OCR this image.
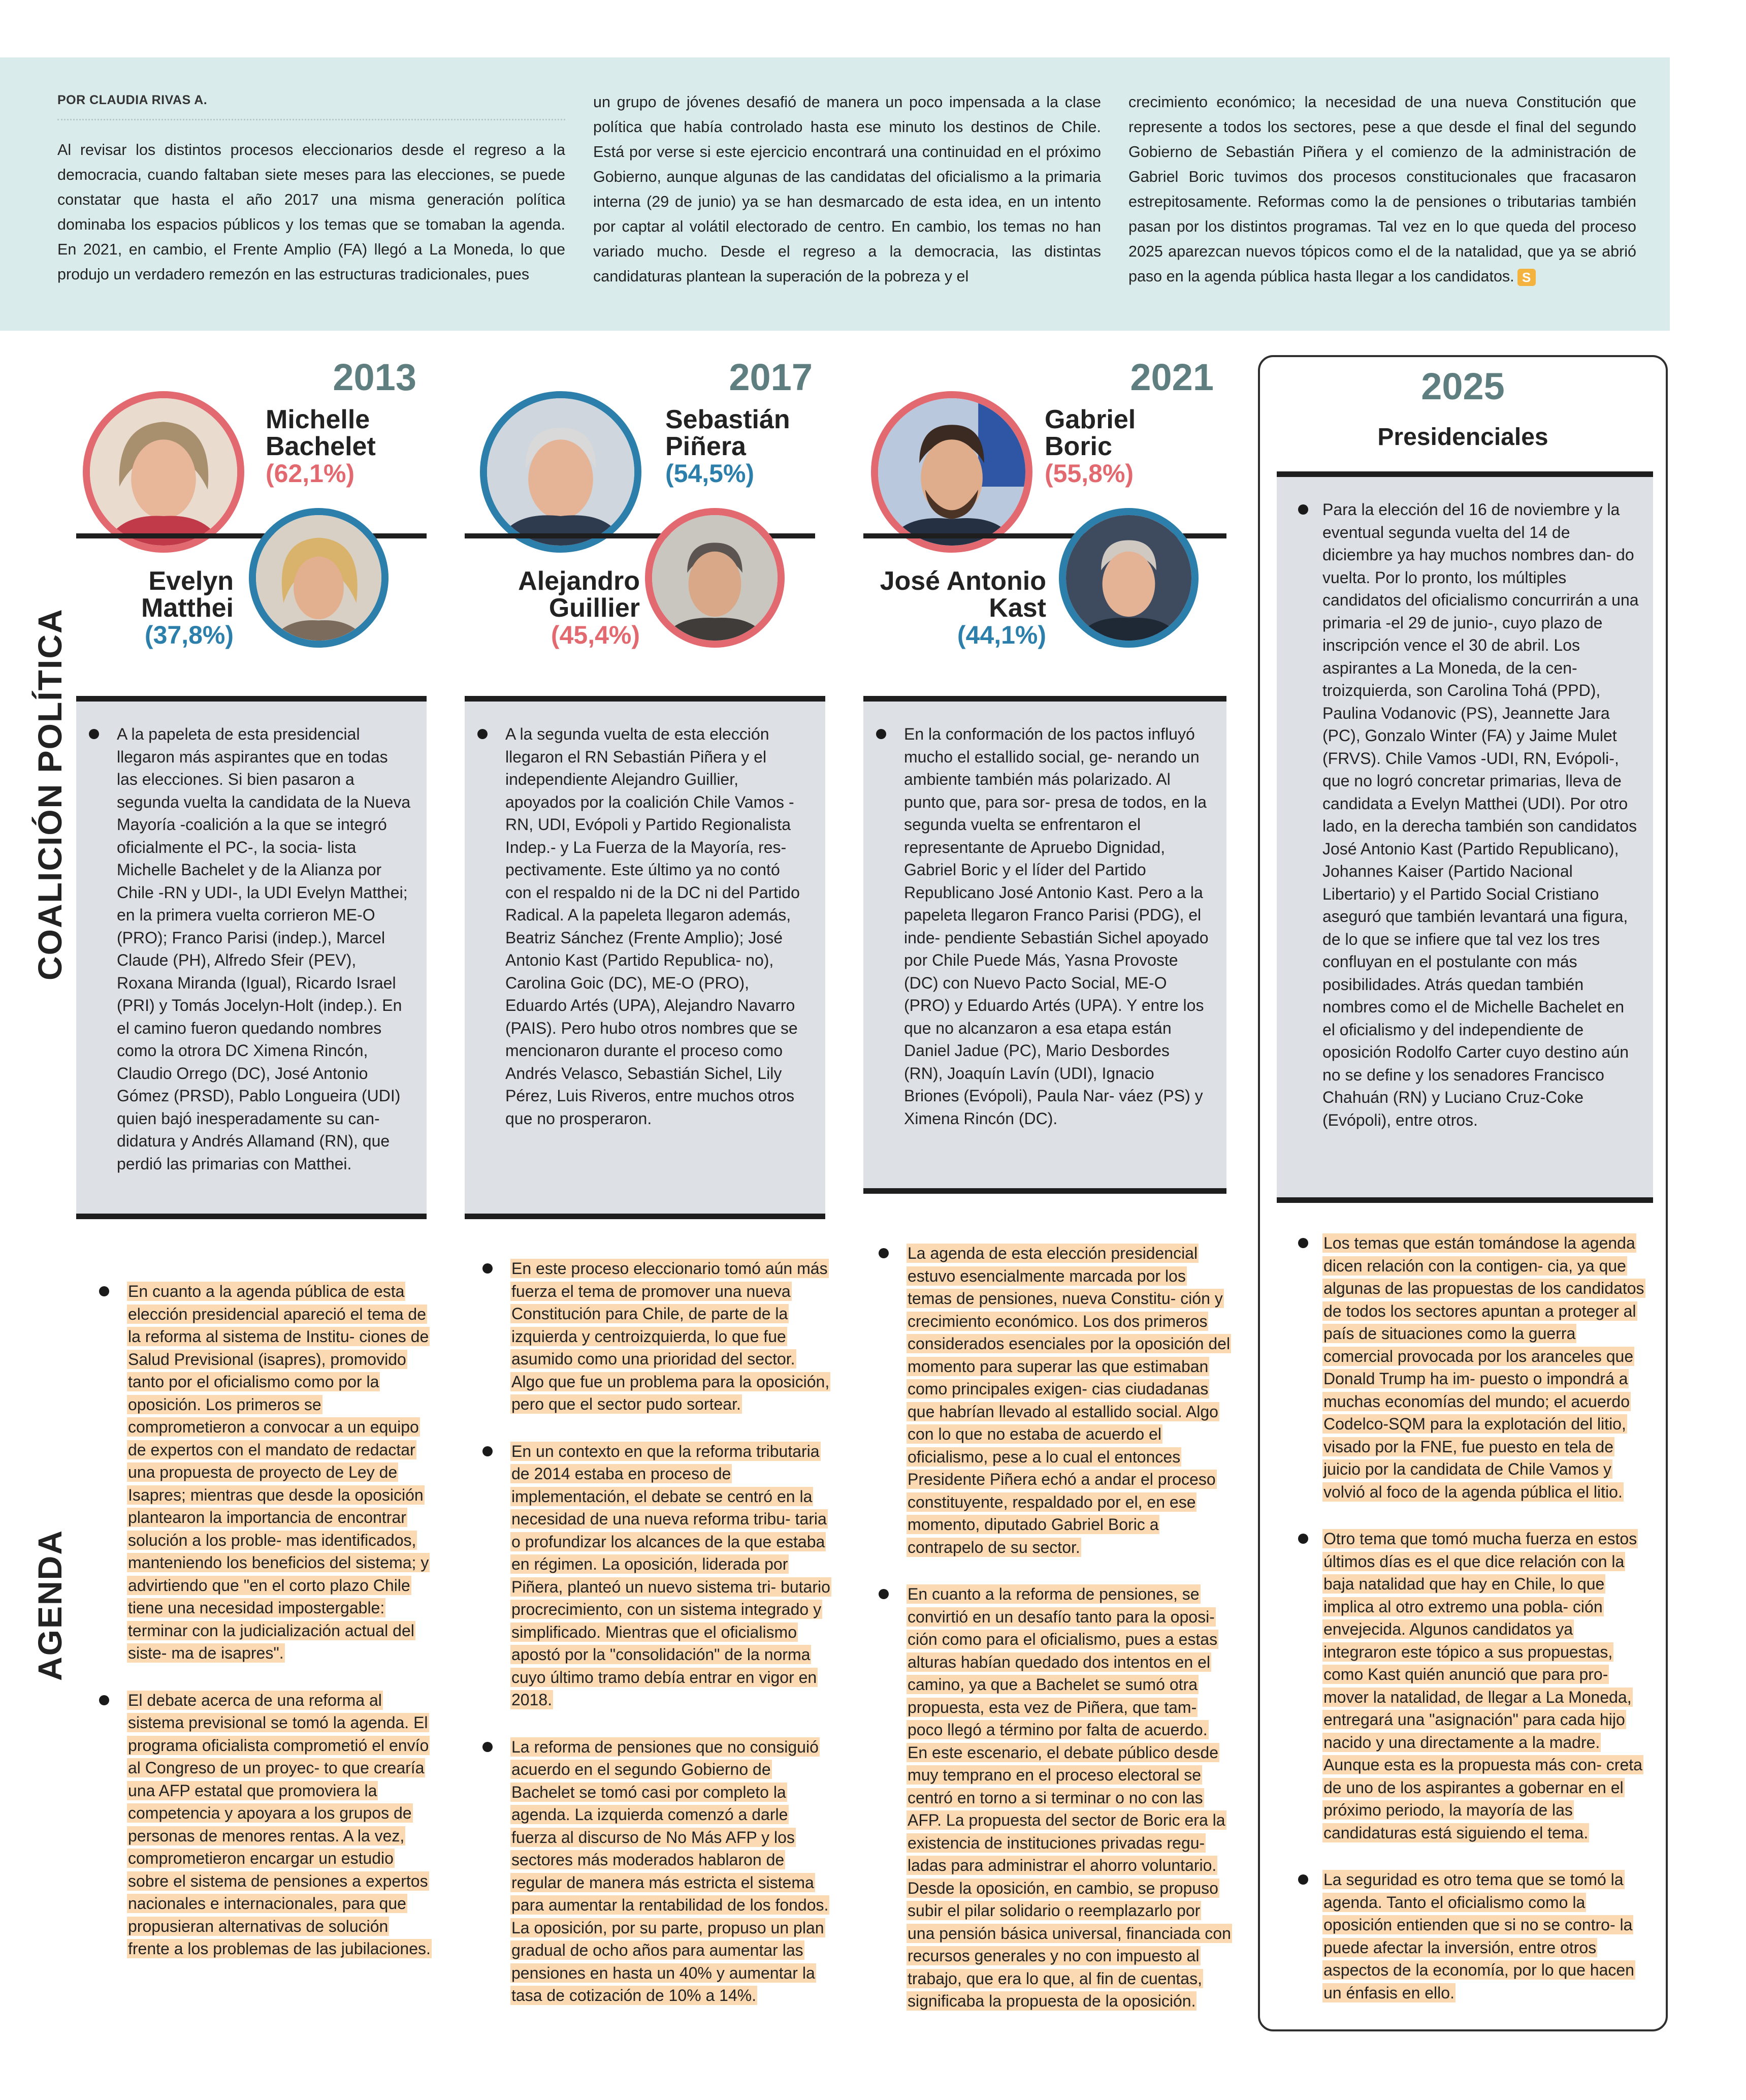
POR CLAUDIA RIVAS A.

Al revisar los distintos procesos eleccionarios desde el regreso a la democracia, cuando faltaban siete meses para las elecciones, se puede constatar que hasta el año 2017 una misma generación política dominaba los espacios públicos y los temas que se tomaban la agenda. En 2021, en cambio, el Frente Amplio (FA) llegó a La Moneda, lo que produjo un verdadero remezón en las estructuras tradicionales, pues

un grupo de jóvenes desafió de manera un poco impensada a la clase política que había controlado hasta ese minuto los destinos de Chile. Está por verse si este ejercicio encontrará una continuidad en el próximo Gobierno, aunque algunas de las candidatas del oficialismo a la primaria interna (29 de junio) ya se han desmarcado de esta idea, en un intento por captar al volátil electorado de centro. En cambio, los temas no han variado mucho. Desde el regreso a la democracia, las distintas candidaturas plantean la superación de la pobreza y el

crecimiento económico; la necesidad de una nueva Constitución que represente a todos los sectores, pese a que desde el final del segundo Gobierno de Sebastián Piñera y el comienzo de la administración de Gabriel Boric tuvimos dos procesos constitucionales que fracasaron estrepitosamente. Reformas como la de pensiones o tributarias también pasan por los distintos programas. Tal vez en lo que queda del proceso 2025 aparezcan nuevos tópicos como el de la natalidad, que ya se abrió paso en la agenda pública hasta llegar a los candidatos. S

COALICIÓN POLÍTICA
AGENDA
2013
Michelle
Bachelet
(62,1%)
Evelyn
Matthei
(37,8%)

A la papeleta de esta presidencial llegaron más aspirantes que en todas las elecciones. Si bien pasaron a segunda vuelta la candidata de la Nueva Mayoría -coalición a la que se integró oficialmente el PC-, la socia- lista Michelle Bachelet y de la Alianza por Chile -RN y UDI-, la UDI Evelyn Matthei; en la primera vuelta corrieron ME-O (PRO); Franco Parisi (indep.), Marcel Claude (PH), Alfredo Sfeir (PEV), Roxana Miranda (Igual), Ricardo Israel (PRI) y Tomás Jocelyn-Holt (indep.). En el camino fueron quedando nombres como la otrora DC Ximena Rincón, Claudio Orrego (DC), José Antonio Gómez (PRSD), Pablo Longueira (UDI) quien bajó inesperadamente su can- didatura y Andrés Allamand (RN), que perdió las primarias con Matthei.

En cuanto a la agenda pública de esta elección presidencial apareció el tema de la reforma al sistema de Institu- ciones de Salud Previsional (isapres), promovido tanto por el oficialismo como por la oposición. Los primeros se comprometieron a convocar a un equipo de expertos con el mandato de redactar una propuesta de proyecto de Ley de Isapres; mientras que desde la oposición plantearon la importancia de encontrar solución a los proble- mas identificados, manteniendo los beneficios del sistema; y advirtiendo que "en el corto plazo Chile tiene una necesidad impostergable: terminar con la judicialización actual del siste- ma de isapres".

El debate acerca de una reforma al sistema previsional se tomó la agenda. El programa oficialista comprometió el envío al Congreso de un proyec- to que crearía una AFP estatal que promoviera la competencia y apoyara a los grupos de personas de menores rentas. A la vez, comprometieron encargar un estudio sobre el sistema de pensiones a expertos nacionales e internacionales, para que propusieran alternativas de solución frente a los problemas de las jubilaciones.

2017
Sebastián
Piñera
(54,5%)
Alejandro
Guillier
(45,4%)

A la segunda vuelta de esta elección llegaron el RN Sebastián Piñera y el independiente Alejandro Guillier, apoyados por la coalición Chile Vamos -RN, UDI, Evópoli y Partido Regionalista Indep.- y La Fuerza de la Mayoría, res- pectivamente. Este último ya no contó con el respaldo ni de la DC ni del Partido Radical. A la papeleta llegaron además, Beatriz Sánchez (Frente Amplio); José Antonio Kast (Partido Republica- no), Carolina Goic (DC), ME-O (PRO), Eduardo Artés (UPA), Alejandro Navarro (PAIS). Pero hubo otros nombres que se mencionaron durante el proceso como Andrés Velasco, Sebastián Sichel, Lily Pérez, Luis Riveros, entre muchos otros que no prosperaron.

En este proceso eleccionario tomó aún más fuerza el tema de promover una nueva Constitución para Chile, de parte de la izquierda y centroizquierda, lo que fue asumido como una prioridad del sector. Algo que fue un problema para la oposición, pero que el sector pudo sortear.

En un contexto en que la reforma tributaria de 2014 estaba en proceso de implementación, el debate se centró en la necesidad de una nueva reforma tribu- taria o profundizar los alcances de la que estaba en régimen. La oposición, liderada por Piñera, planteó un nuevo sistema tri- butario procrecimiento, con un sistema integrado y simplificado. Mientras que el oficialismo apostó por la "consolidación" de la norma cuyo último tramo debía entrar en vigor en 2018.

La reforma de pensiones que no consiguió acuerdo en el segundo Gobierno de Bachelet se tomó casi por completo la agenda. La izquierda comenzó a darle fuerza al discurso de No Más AFP y los sectores más moderados hablaron de regular de manera más estricta el sistema para aumentar la rentabilidad de los fondos. La oposición, por su parte, propuso un plan gradual de ocho años para aumentar las pensiones en hasta un 40% y aumentar la tasa de cotización de 10% a 14%.

2021
Gabriel
Boric
(55,8%)
José Antonio
Kast
(44,1%)

En la conformación de los pactos influyó mucho el estallido social, ge- nerando un ambiente también más polarizado. Al punto que, para sor- presa de todos, en la segunda vuelta se enfrentaron el representante de Apruebo Dignidad, Gabriel Boric y el líder del Partido Republicano José Antonio Kast. Pero a la papeleta llegaron Franco Parisi (PDG), el inde- pendiente Sebastián Sichel apoyado por Chile Puede Más, Yasna Provoste (DC) con Nuevo Pacto Social, ME-O (PRO) y Eduardo Artés (UPA). Y entre los que no alcanzaron a esa etapa están Daniel Jadue (PC), Mario Desbordes (RN), Joaquín Lavín (UDI), Ignacio Briones (Evópoli), Paula Nar- váez (PS) y Ximena Rincón (DC).

La agenda de esta elección presidencial estuvo esencialmente marcada por los temas de pensiones, nueva Constitu- ción y crecimiento económico. Los dos primeros considerados esenciales por la oposición del momento para superar las que estimaban como principales exigen- cias ciudadanas que habrían llevado al estallido social. Algo con lo que no estaba de acuerdo el oficialismo, pese a lo cual el entonces Presidente Piñera echó a andar el proceso constituyente, respaldado por el, en ese momento, diputado Gabriel Boric a contrapelo de su sector.

En cuanto a la reforma de pensiones, se convirtió en un desafío tanto para la oposi- ción como para el oficialismo, pues a estas alturas habían quedado dos intentos en el camino, ya que a Bachelet se sumó otra propuesta, esta vez de Piñera, que tam- poco llegó a término por falta de acuerdo. En este escenario, el debate público desde muy temprano en el proceso electoral se centró en torno a si terminar o no con las AFP. La propuesta del sector de Boric era la existencia de instituciones privadas regu- ladas para administrar el ahorro voluntario. Desde la oposición, en cambio, se propuso subir el pilar solidario o reemplazarlo por una pensión básica universal, financiada con recursos generales y no con impuesto al trabajo, que era lo que, al fin de cuentas, significaba la propuesta de la oposición.

2025
Presidenciales

Para la elección del 16 de noviembre y la eventual segunda vuelta del 14 de diciembre ya hay muchos nombres dan- do vuelta. Por lo pronto, los múltiples candidatos del oficialismo concurrirán a una primaria -el 29 de junio-, cuyo plazo de inscripción vence el 30 de abril. Los aspirantes a La Moneda, de la cen- troizquierda, son Carolina Tohá (PPD), Paulina Vodanovic (PS), Jeannette Jara (PC), Gonzalo Winter (FA) y Jaime Mulet (FRVS). Chile Vamos -UDI, RN, Evópoli-, que no logró concretar primarias, lleva de candidata a Evelyn Matthei (UDI). Por otro lado, en la derecha también son candidatos José Antonio Kast (Partido Republicano), Johannes Kaiser (Partido Nacional Libertario) y el Partido Social Cristiano aseguró que también levantará una figura, de lo que se infiere que tal vez los tres confluyan en el postulante con más posibilidades. Atrás quedan también nombres como el de Michelle Bachelet en el oficialismo y del independiente de oposición Rodolfo Carter cuyo destino aún no se define y los senadores Francisco Chahuán (RN) y Luciano Cruz-Coke (Evópoli), entre otros.

Los temas que están tomándose la agenda dicen relación con la contigen- cia, ya que algunas de las propuestas de los candidatos de todos los sectores apuntan a proteger al país de situaciones como la guerra comercial provocada por los aranceles que Donald Trump ha im- puesto o impondrá a muchas economías del mundo; el acuerdo Codelco-SQM para la explotación del litio, visado por la FNE, fue puesto en tela de juicio por la candidata de Chile Vamos y volvió al foco de la agenda pública el litio.

Otro tema que tomó mucha fuerza en estos últimos días es el que dice relación con la baja natalidad que hay en Chile, lo que implica al otro extremo una pobla- ción envejecida. Algunos candidatos ya integraron este tópico a sus propuestas, como Kast quién anunció que para pro- mover la natalidad, de llegar a La Moneda, entregará una "asignación" para cada hijo nacido y una directamente a la madre. Aunque esta es la propuesta más con- creta de uno de los aspirantes a gobernar en el próximo periodo, la mayoría de las candidaturas está siguiendo el tema.

La seguridad es otro tema que se tomó la agenda. Tanto el oficialismo como la oposición entienden que si no se contro- la puede afectar la inversión, entre otros aspectos de la economía, por lo que hacen un énfasis en ello.
